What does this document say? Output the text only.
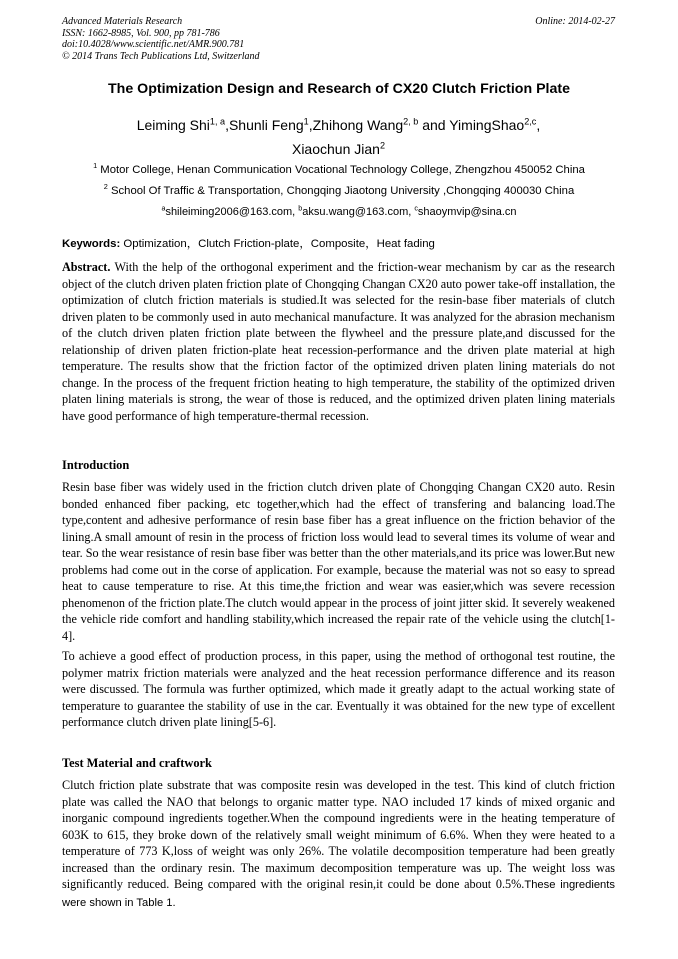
Advanced Materials Research
ISSN: 1662-8985, Vol. 900, pp 781-786
doi:10.4028/www.scientific.net/AMR.900.781
© 2014 Trans Tech Publications Ltd, Switzerland
Online: 2014-02-27
The Optimization Design and Research of CX20 Clutch Friction Plate
Leiming Shi$^{1, a}$,Shunli Feng$^1$,Zhihong Wang$^{2, b}$ and YimingShao$^{2,c}$,
Xiaochun Jian$^2$
$^1$ Motor College, Henan Communication Vocational Technology College, Zhengzhou 450052 China
$^2$ School Of Traffic & Transportation, Chongqing Jiaotong University ,Chongqing 400030 China
$^a$shileiming2006@163.com, $^b$aksu.wang@163.com, $^c$shaoymvip@sina.cn
Keywords: Optimization，Clutch Friction-plate，Composite，Heat fading
Abstract. With the help of the orthogonal experiment and the friction-wear mechanism by car as the research object of the clutch driven platen friction plate of Chongqing Changan CX20 auto power take-off installation, the optimization of clutch friction materials is studied.It was selected for the resin-base fiber materials of clutch driven platen to be commonly used in auto mechanical manufacture. It was analyzed for the abrasion mechanism of the clutch driven platen friction plate between the flywheel and the pressure plate,and discussed for the relationship of driven platen friction-plate heat recession-performance and the driven plate material at high temperature. The results show that the friction factor of the optimized driven platen lining materials do not change. In the process of the frequent friction heating to high temperature, the stability of the optimized driven platen lining materials is strong, the wear of those is reduced, and the optimized driven platen lining materials have good performance of high temperature-thermal recession.
Introduction
Resin base fiber was widely used in the friction clutch driven plate of Chongqing Changan CX20 auto. Resin bonded enhanced fiber packing, etc together,which had the effect of transfering and balancing load.The type,content and adhesive performance of resin base fiber has a great influence on the friction behavior of the lining.A small amount of resin in the process of friction loss would lead to several times its volume of wear and tear. So the wear resistance of resin base fiber was better than the other materials,and its price was lower.But new problems had come out in the corse of application. For example, because the material was not so easy to spread heat to cause temperature to rise. At this time,the friction and wear was easier,which was severe recession phenomenon of the friction plate.The clutch would appear in the process of joint jitter skid. It severely weakened the vehicle ride comfort and handling stability,which increased the repair rate of the vehicle using the clutch[1-4].
To achieve a good effect of production process, in this paper, using the method of orthogonal test routine, the polymer matrix friction materials were analyzed and the heat recession performance difference and its reason were discussed. The formula was further optimized, which made it greatly adapt to the actual working state of temperature to guarantee the stability of use in the car. Eventually it was obtained for the new type of excellent performance clutch driven plate lining[5-6].
Test Material and craftwork
Clutch friction plate substrate that was composite resin was developed in the test. This kind of clutch friction plate was called the NAO that belongs to organic matter type. NAO included 17 kinds of mixed organic and inorganic compound ingredients together.When the compound ingredients were in the heating temperature of 603K to 615, they broke down of the relatively small weight minimum of 6.6%. When they were heated to a temperature of 773 K,loss of weight was only 26%. The volatile decomposition temperature had been greatly increased than the ordinary resin. The maximum decomposition temperature was up. The weight loss was significantly reduced. Being compared with the original resin,it could be done about 0.5%.These ingredients were shown in Table 1.
